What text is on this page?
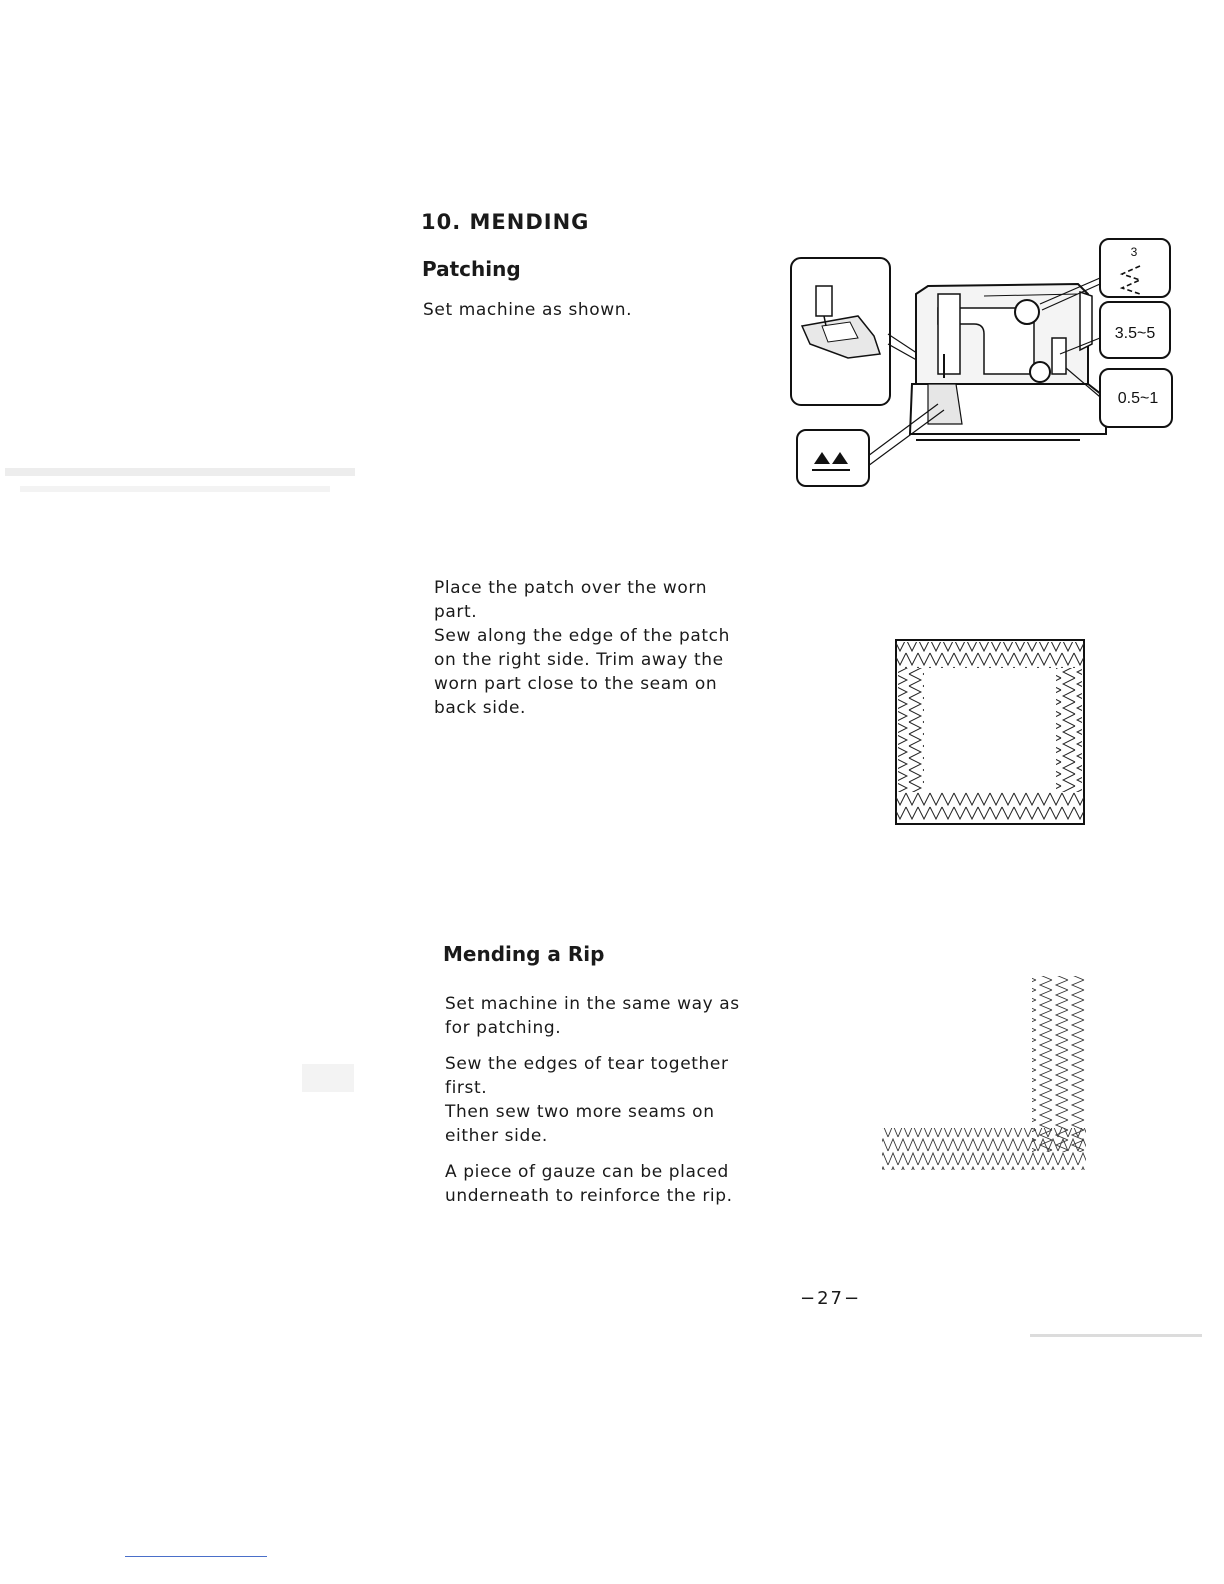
10. MENDING
Patching
Set machine as shown.
3
3.5~5
0.5~1

Place the patch over the worn part.

Sew along the edge of the patch on the right side. Trim away the worn part close to the seam on back side.

Mending a Rip

Set machine in the same way as for patching.

Sew the edges of tear together first.

Then sew two more seams on either side.

A piece of gauze can be placed underneath to reinforce the rip.

−27−
